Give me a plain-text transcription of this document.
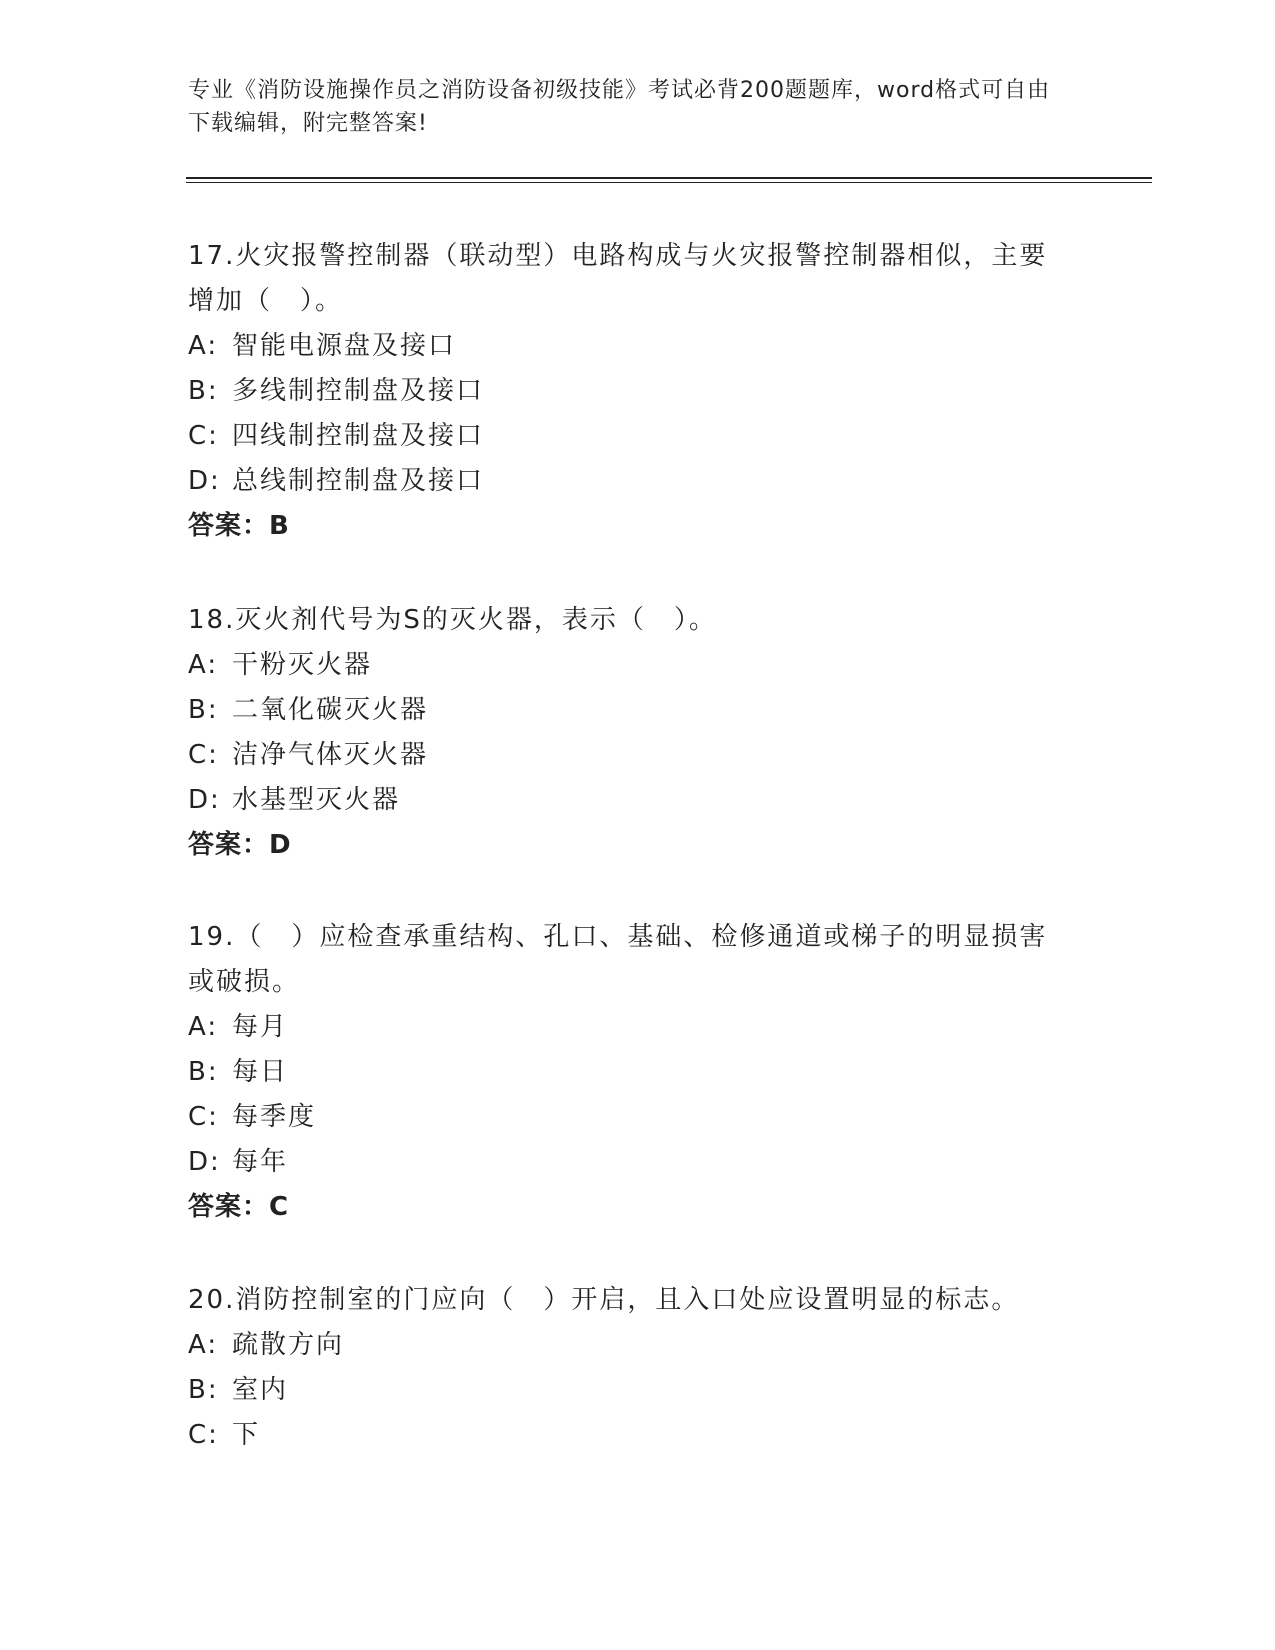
专业《消防设施操作员之消防设备初级技能》考试必背200题题库，word格式可自由下载编辑，附完整答案!
17.火灾报警控制器（联动型）电路构成与火灾报警控制器相似，主要增加（　）。
A: 智能电源盘及接口
B: 多线制控制盘及接口
C: 四线制控制盘及接口
D: 总线制控制盘及接口
答案：B
18.灭火剂代号为S的灭火器，表示（　）。
A: 干粉灭火器
B: 二氧化碳灭火器
C: 洁净气体灭火器
D: 水基型灭火器
答案：D
19.（　）应检查承重结构、孔口、基础、检修通道或梯子的明显损害或破损。
A: 每月
B: 每日
C: 每季度
D: 每年
答案：C
20.消防控制室的门应向（　）开启，且入口处应设置明显的标志。
A: 疏散方向
B: 室内
C: 下
